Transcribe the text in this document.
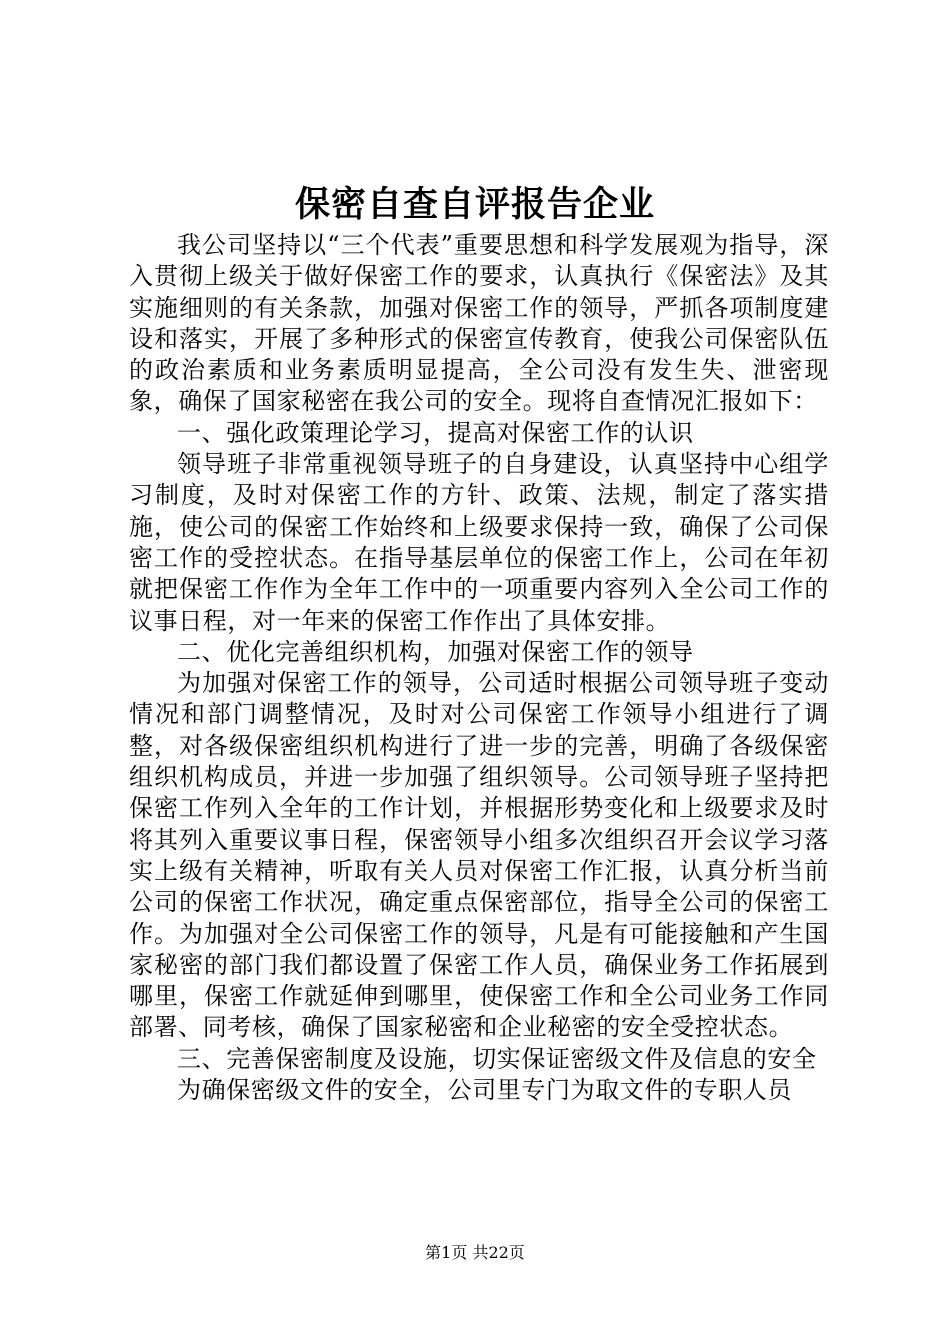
保密自查自评报告企业

我公司坚持以“三个代表”重要思想和科学发展观为指导，深入贯彻上级关于做好保密工作的要求，认真执行《保密法》及其实施细则的有关条款，加强对保密工作的领导，严抓各项制度建设和落实，开展了多种形式的保密宣传教育，使我公司保密队伍的政治素质和业务素质明显提高，全公司没有发生失、泄密现象，确保了国家秘密在我公司的安全。现将自查情况汇报如下：

一、强化政策理论学习，提高对保密工作的认识

领导班子非常重视领导班子的自身建设，认真坚持中心组学习制度，及时对保密工作的方针、政策、法规，制定了落实措施，使公司的保密工作始终和上级要求保持一致，确保了公司保密工作的受控状态。在指导基层单位的保密工作上，公司在年初就把保密工作作为全年工作中的一项重要内容列入全公司工作的议事日程，对一年来的保密工作作出了具体安排。

二、优化完善组织机构，加强对保密工作的领导

为加强对保密工作的领导，公司适时根据公司领导班子变动情况和部门调整情况，及时对公司保密工作领导小组进行了调整，对各级保密组织机构进行了进一步的完善，明确了各级保密组织机构成员，并进一步加强了组织领导。公司领导班子坚持把保密工作列入全年的工作计划，并根据形势变化和上级要求及时将其列入重要议事日程，保密领导小组多次组织召开会议学习落实上级有关精神，听取有关人员对保密工作汇报，认真分析当前公司的保密工作状况，确定重点保密部位，指导全公司的保密工作。为加强对全公司保密工作的领导，凡是有可能接触和产生国家秘密的部门我们都设置了保密工作人员，确保业务工作拓展到哪里，保密工作就延伸到哪里，使保密工作和全公司业务工作同部署、同考核，确保了国家秘密和企业秘密的安全受控状态。

三、完善保密制度及设施，切实保证密级文件及信息的安全

为确保密级文件的安全，公司里专门为取文件的专职人员

第1页 共22页
